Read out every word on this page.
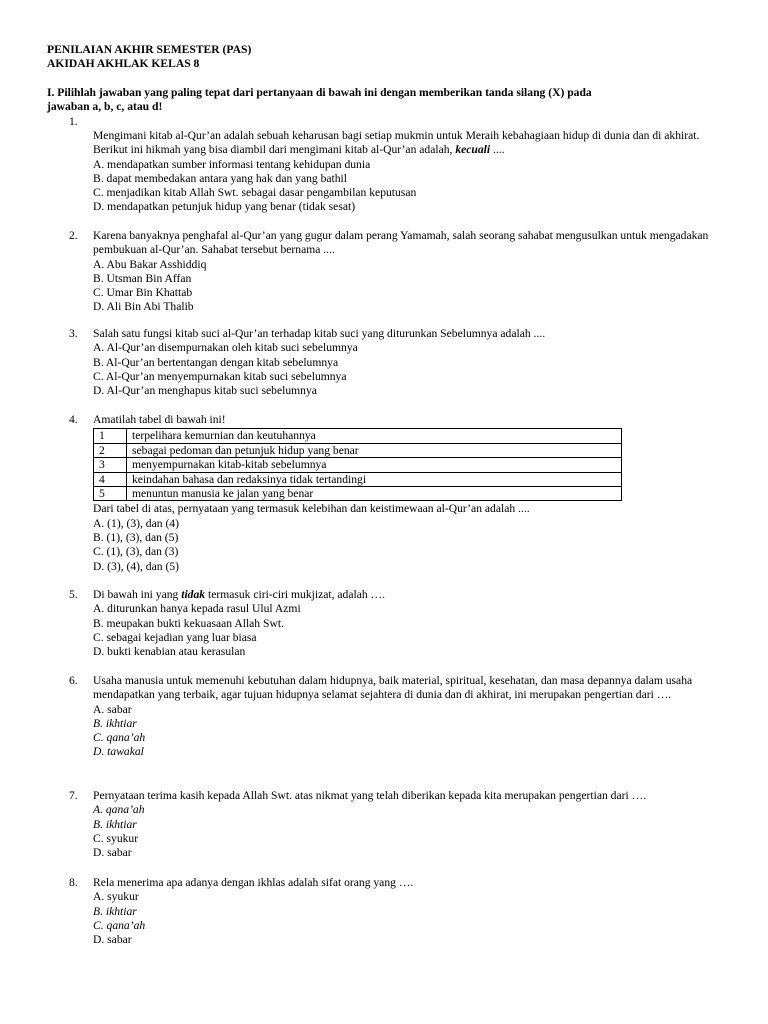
PENILAIAN AKHIR SEMESTER (PAS)
AKIDAH AKHLAK KELAS 8
I. Pilihlah jawaban yang paling tepat dari pertanyaan di bawah ini dengan memberikan tanda silang (X) pada jawaban a, b, c, atau d!
1.
Mengimani kitab al-Qur’an adalah sebuah keharusan bagi setiap mukmin untuk Meraih kebahagiaan hidup di dunia dan di akhirat. Berikut ini hikmah yang bisa diambil dari mengimani kitab al-Qur’an adalah, kecuali ....
A. mendapatkan sumber informasi tentang kehidupan dunia
B. dapat membedakan antara yang hak dan yang bathil
C. menjadikan kitab Allah Swt. sebagai dasar pengambilan keputusan
D. mendapatkan petunjuk hidup yang benar (tidak sesat)
2. Karena banyaknya penghafal al-Qur’an yang gugur dalam perang Yamamah, salah seorang sahabat mengusulkan untuk mengadakan pembukuan al-Qur’an. Sahabat tersebut bernama ....
A. Abu Bakar Asshiddiq
B. Utsman Bin Affan
C. Umar Bin Khattab
D. Ali Bin Abi Thalib
3. Salah satu fungsi kitab suci al-Qur’an terhadap kitab suci yang diturunkan Sebelumnya adalah ....
A. Al-Qur’an disempurnakan oleh kitab suci sebelumnya
B. Al-Qur’an bertentangan dengan kitab sebelumnya
C. Al-Qur’an menyempurnakan kitab suci sebelumnya
D. Al-Qur’an menghapus kitab suci sebelumnya
4. Amatilah tabel di bawah ini!
1	terpelihara kemurnian dan keutuhannya
2	sebagai pedoman dan petunjuk hidup yang benar
3	menyempurnakan kitab-kitab sebelumnya
4	keindahan bahasa dan redaksinya tidak tertandingi
5	menuntun manusia ke jalan yang benar
Dari tabel di atas, pernyataan yang termasuk kelebihan dan keistimewaan al-Qur’an adalah ....
A. (1), (3), dan (4)
B. (1), (3), dan (5)
C. (1), (3), dan (3)
D. (3), (4), dan (5)
5. Di bawah ini yang tidak termasuk ciri-ciri mukjizat, adalah ….
A. diturunkan hanya kepada rasul Ulul Azmi
B. meupakan bukti kekuasaan Allah Swt.
C. sebagai kejadian yang luar biasa
D. bukti kenabian atau kerasulan
6. Usaha manusia untuk memenuhi kebutuhan dalam hidupnya, baik material, spiritual, kesehatan, dan masa depannya dalam usaha mendapatkan yang terbaik, agar tujuan hidupnya selamat sejahtera di dunia dan di akhirat, ini merupakan pengertian dari ….
A. sabar
B. ikhtiar
C. qana’ah
D. tawakal
7. Pernyataan terima kasih kepada Allah Swt. atas nikmat yang telah diberikan kepada kita merupakan pengertian dari ….
A. qana’ah
B. ikhtiar
C. syukur
D. sabar
8. Rela menerima apa adanya dengan ikhlas adalah sifat orang yang ….
A. syukur
B. ikhtiar
C. qana’ah
D. sabar
